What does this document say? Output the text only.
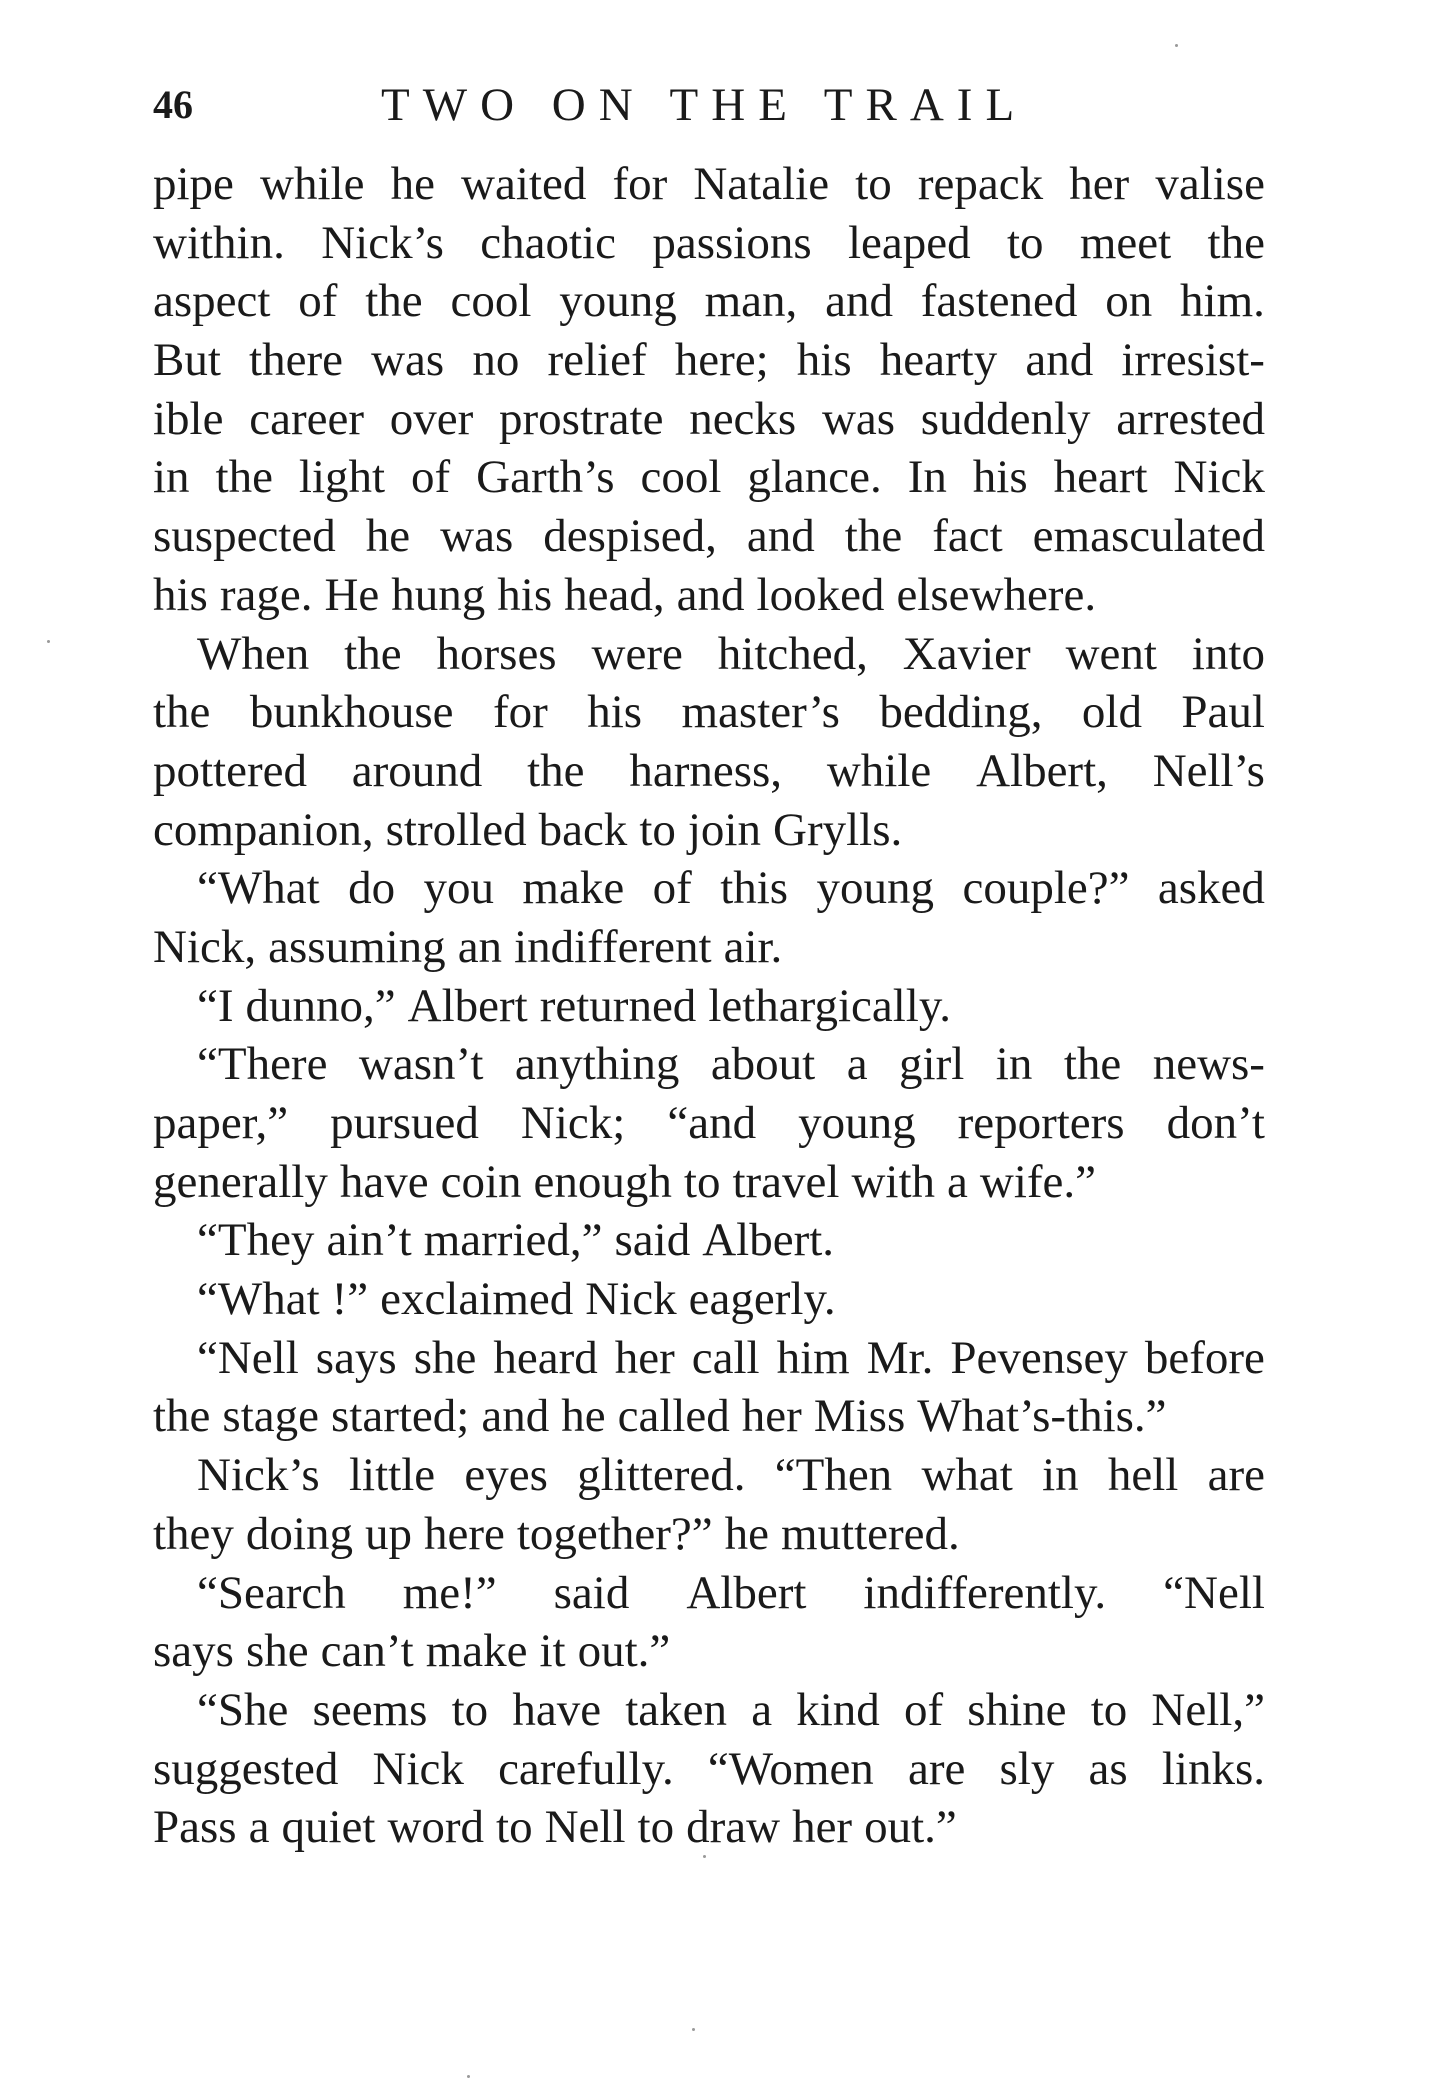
46	TWO ON THE TRAIL
pipe while he waited for Natalie to repack her valise
within. Nick’s chaotic passions leaped to meet the
aspect of the cool young man, and fastened on him.
But there was no relief here; his hearty and irresist-
ible career over prostrate necks was suddenly arrested
in the light of Garth’s cool glance. In his heart Nick
suspected he was despised, and the fact emasculated
his rage. He hung his head, and looked elsewhere.
When the horses were hitched, Xavier went into
the bunkhouse for his master’s bedding, old Paul
pottered around the harness, while Albert, Nell’s
companion, strolled back to join Grylls.
“What do you make of this young couple?” asked
Nick, assuming an indifferent air.
“I dunno,” Albert returned lethargically.
“There wasn’t anything about a girl in the news-
paper,” pursued Nick; “and young reporters don’t
generally have coin enough to travel with a wife.”
“They ain’t married,” said Albert.
“What !” exclaimed Nick eagerly.
“Nell says she heard her call him Mr. Pevensey before
the stage started; and he called her Miss What’s-this.”
Nick’s little eyes glittered. “Then what in hell are
they doing up here together?” he muttered.
“Search me!” said Albert indifferently. “Nell
says she can’t make it out.”
“She seems to have taken a kind of shine to Nell,”
suggested Nick carefully. “Women are sly as links.
Pass a quiet word to Nell to draw her out.”
